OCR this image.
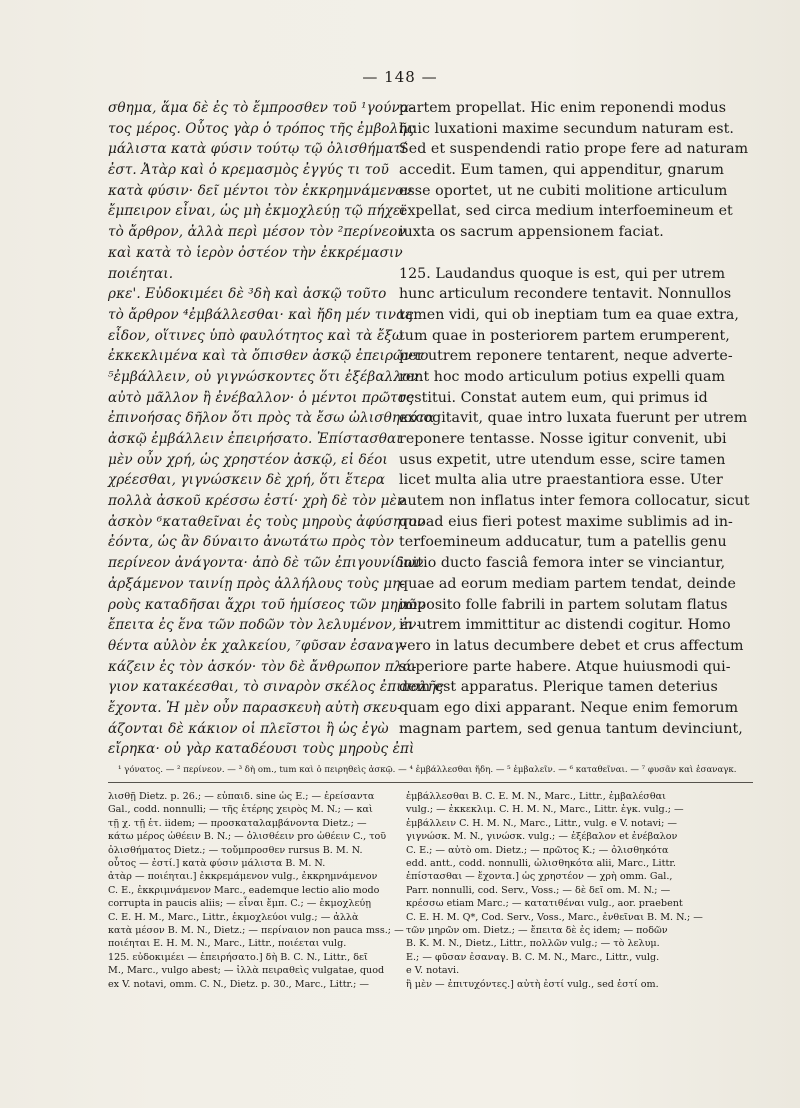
— 148 —
σθημα, ἅμα δὲ ἐς τὸ ἔμπροσθεν τοῦ ¹γούνα-
τος μέρος. Οὗτος γὰρ ὁ τρόπος τῆς ἐμβολῆς
μάλιστα κατὰ φύσιν τούτῳ τῷ ὀλισθήματί
ἐστ. Ἀτὰρ καὶ ὁ κρεμασμὸς ἐγγύς τι τοῦ
κατὰ φύσιν· δεῖ μέντοι τὸν ἐκκρημνάμενον
ἔμπειρον εἶναι, ὡς μὴ ἐκμοχλεύῃ τῷ πήχεϊ
τὸ ἄρθρον, ἀλλὰ περὶ μέσον τὸν ²περίνεον
καὶ κατὰ τὸ ἱερὸν ὀστέον τὴν ἐκκρέμασιν
ποιέηται.
ρκε'. Εὐδοκιμέει δὲ ³δὴ καὶ ἀσκῷ τοῦτο
τὸ ἄρθρον ⁴ἐμβάλλεσθαι· καὶ ἤδη μέν τινας
εἶδον, οἵτινες ὑπὸ φαυλότητος καὶ τὰ ἔξω
ἐκκεκλιμένα καὶ τὰ ὄπισθεν ἀσκῷ ἐπειρῶντο
⁵ἐμβάλλειν, οὐ γιγνώσκοντες ὅτι ἐξέβαλλον
αὐτὸ μᾶλλον ἢ ἐνέβαλλον· ὁ μέντοι πρῶτος
ἐπινοήσας δῆλον ὅτι πρὸς τὰ ἔσω ὠλισθηκότα
ἀσκῷ ἐμβάλλειν ἐπειρήσατο. Ἐπίστασθαι
μὲν οὖν χρή, ὡς χρηστέον ἀσκῷ, εἰ δέοι
χρέεσθαι, γιγνώσκειν δὲ χρή, ὅτι ἕτερα
πολλὰ ἀσκοῦ κρέσσω ἐστί· χρὴ δὲ τὸν μὲν
ἀσκὸν ⁶καταθεῖναι ἐς τοὺς μηροὺς ἀφύσητον
ἐόντα, ὡς ἂν δύναιτο ἀνωτάτω πρὸς τὸν
περίνεον ἀνάγοντα· ἀπὸ δὲ τῶν ἐπιγουνίδων
ἀρξάμενον ταινίῃ πρὸς ἀλλήλους τοὺς μη-
ροὺς καταδῆσαι ἄχρι τοῦ ἡμίσεος τῶν μηρῶν·
ἔπειτα ἐς ἕνα τῶν ποδῶν τὸν λελυμένον, ἐν-
θέντα αὐλὸν ἐκ χαλκείου, ⁷φῦσαν ἐσαναγ-
κάζειν ἐς τὸν ἀσκόν· τὸν δὲ ἄνθρωπον πλά-
γιον κατακέεσθαι, τὸ σιναρὸν σκέλος ἐπιπολῆς
ἔχοντα. Ἡ μὲν οὖν παρασκευὴ αὐτὴ σκευ-
άζονται δὲ κάκιον οἱ πλεῖστοι ἢ ὡς ἐγὼ
εἴρηκα· οὐ γὰρ καταδέουσι τοὺς μηροὺς ἐπὶ
partem propellat. Hic enim reponendi modus
huic luxationi maxime secundum naturam est.
Sed et suspendendi ratio prope fere ad naturam
accedit. Eum tamen, qui appenditur, gnarum
esse oportet, ut ne cubiti molitione articulum
expellat, sed circa medium interfoemineum et
iuxta os sacrum appensionem faciat.
125. Laudandus quoque is est, qui per utrem
hunc articulum recondere tentavit. Nonnullos
tamen vidi, qui ob ineptiam tum ea quae extra,
tum quae in posteriorem partem erumperent,
per utrem reponere tentarent, neque adverte-
rent hoc modo articulum potius expelli quam
restitui. Constat autem eum, qui primus id
excogitavit, quae intro luxata fuerunt per utrem
reponere tentasse. Nosse igitur convenit, ubi
usus expetit, utre utendum esse, scire tamen
licet multa alia utre praestantiora esse. Uter
autem non inflatus inter femora collocatur, sicut
quoad eius fieri potest maxime sublimis ad in-
terfoemineum adducatur, tum a patellis genu
initio ducto fasciâ femora inter se vinciantur,
quae ad eorum mediam partem tendat, deinde
imposito folle fabrili in partem solutam flatus
in utrem immittitur ac distendi cogitur. Homo
vero in latus decumbere debet et crus affectum
superiore parte habere. Atque huiusmodi qui-
dem est apparatus. Plerique tamen deterius
quam ego dixi apparant. Neque enim femorum
magnam partem, sed genua tantum devinciunt,
¹ γόνατος. — ² περίνεον. — ³ δὴ om., tum καὶ ὁ πειρηθεὶς ἀσκῷ. — ⁴ ἐμβάλλεσθαι ἤδη. — ⁵ ἐμβαλεῖν. — ⁶ καταθεῖναι. — ⁷ φυσᾶν καὶ ἐσαναγκ.
λισθῇ Dietz. p. 26.; — εὐπαιδ. sine ὡς E.; — ἐρείσαντα
Gal., codd. nonnulli; — τῆς ἑτέρης χειρὸς M. N.; — καὶ
τῇ χ. τῇ ἑτ. iidem; — προσκαταλαμβάνοντα Dietz.; —
κάτω μέρος ὠθέειν B. N.; — ὀλισθέειν pro ὠθέειν C., τοῦ
ὀλισθήματος Dietz.; — τοὔμπροσθεν rursus B. M. N.
οὗτος — ἐστί.] κατὰ φύσιν μάλιστα B. M. N.
ἀτὰρ — ποιέηται.] ἐκκρεμάμενον vulg., ἐκκρημνάμενον
C. E., ἐκκριμνάμενον Marc., eademque lectio alio modo
corrupta in paucis aliis; — εἶναι ἔμπ. C.; — ἐκμοχλεύῃ
C. E. H. M., Marc., Littr., ἐκμοχλεύοι vulg.; — ἀλλὰ
κατὰ μέσον B. M. N., Dietz.; — περίναιον non pauca mss.; —
ποιέηται E. H. M. N., Marc., Littr., ποιέεται vulg.
125. εὐδοκιμέει — ἐπειρήσατο.] δὴ B. C. N., Littr., δεῖ
M., Marc., vulgo abest; — ἰλλὰ πειραθεὶς vulgatae, quod
ex V. notavi, omm. C. N., Dietz. p. 30., Marc., Littr.; —
ἐμβάλλεσθαι B. C. E. M. N., Marc., Littr., ἐμβαλέσθαι
vulg.; — ἐκκεκλιμ. C. H. M. N., Marc., Littr. ἐγκ. vulg.; —
ἐμβάλλειν C. H. M. N., Marc., Littr., vulg. e V. notavi; —
γιγνώσκ. M. N., γινώσκ. vulg.; — ἐξέβαλον et ἐνέβαλον
C. E.; — αὐτὸ om. Dietz.; — πρῶτος K.; — ὀλισθηκότα
edd. antt., codd. nonnulli, ὠλισθηκότα alii, Marc., Littr.
ἐπίστασθαι — ἔχοντα.] ὡς χρηστέον — χρὴ omm. Gal.,
Parr. nonnulli, cod. Serv., Voss.; — δὲ δεῖ om. M. N.; —
κρέσσω etiam Marc.; — κατατιθέναι vulg., aor. praebent
C. E. H. M. Q*, Cod. Serv., Voss., Marc., ἐνθεῖναι B. M. N.; —
τῶν μηρῶν om. Dietz.; — ἔπειτα δὲ ἐς idem; — ποδῶν
B. K. M. N., Dietz., Littr., πολλῶν vulg.; — τὸ λελυμ.
E.; — φῦσαν ἐσαναγ. B. C. M. N., Marc., Littr., vulg.
e V. notavi.
ἢ μὲν — ἐπιτυχόντες.] αὐτὴ ἐστί vulg., sed ἐστί om.
